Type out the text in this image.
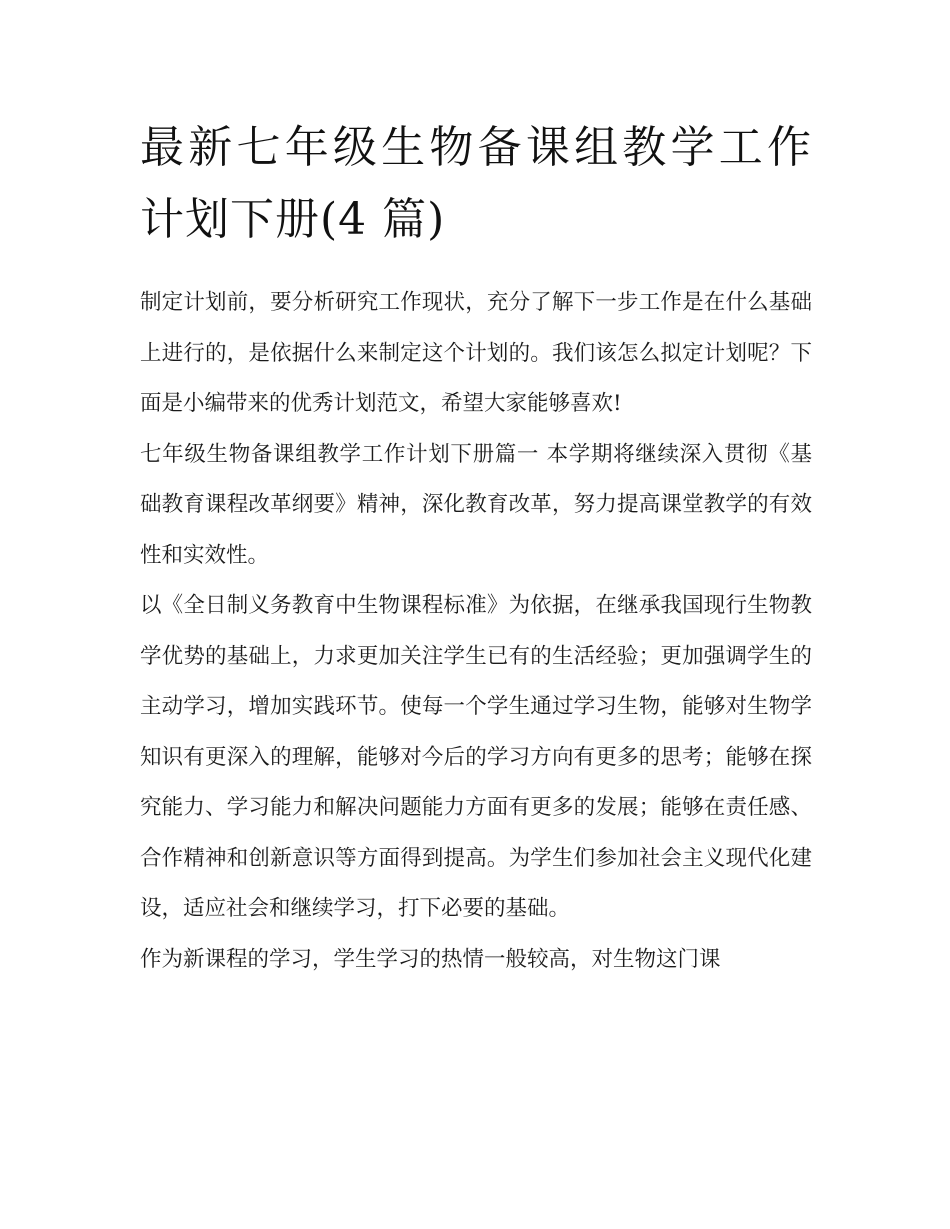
最新七年级生物备课组教学工作计划下册(4 篇)

制定计划前，要分析研究工作现状，充分了解下一步工作是在什么基础上进行的，是依据什么来制定这个计划的。我们该怎么拟定计划呢？下面是小编带来的优秀计划范文，希望大家能够喜欢!

七年级生物备课组教学工作计划下册篇一 本学期将继续深入贯彻《基础教育课程改革纲要》精神，深化教育改革，努力提高课堂教学的有效性和实效性。

以《全日制义务教育中生物课程标准》为依据，在继承我国现行生物教学优势的基础上，力求更加关注学生已有的生活经验；更加强调学生的主动学习，增加实践环节。使每一个学生通过学习生物，能够对生物学知识有更深入的理解，能够对今后的学习方向有更多的思考；能够在探究能力、学习能力和解决问题能力方面有更多的发展；能够在责任感、合作精神和创新意识等方面得到提高。为学生们参加社会主义现代化建设，适应社会和继续学习，打下必要的基础。

作为新课程的学习，学生学习的热情一般较高，对生物这门课
